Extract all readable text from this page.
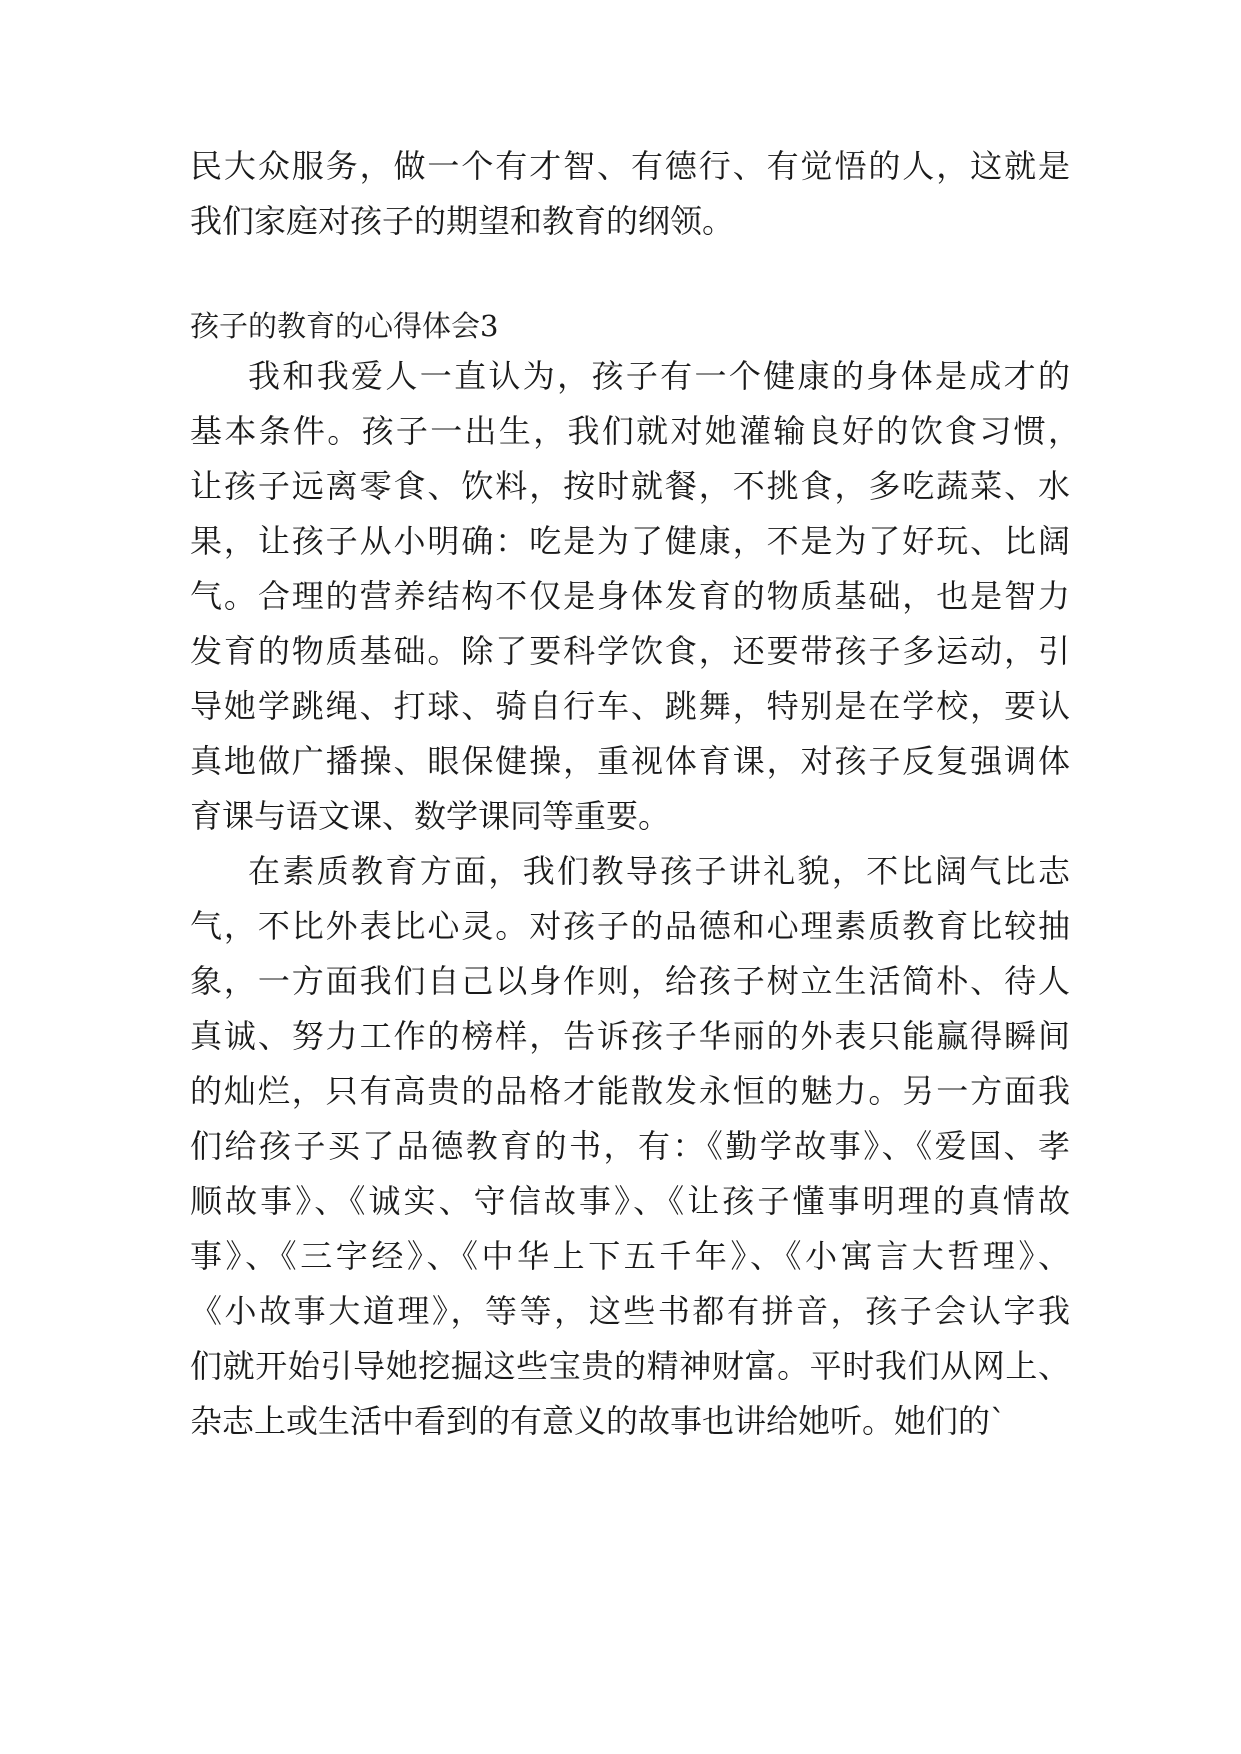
民大众服务，做一个有才智、有德行、有觉悟的人，这就是
我们家庭对孩子的期望和教育的纲领。
孩子的教育的心得体会3
我和我爱人一直认为，孩子有一个健康的身体是成才的
基本条件。孩子一出生，我们就对她灌输良好的饮食习惯，
让孩子远离零食、饮料，按时就餐，不挑食，多吃蔬菜、水
果，让孩子从小明确：吃是为了健康，不是为了好玩、比阔
气。合理的营养结构不仅是身体发育的物质基础，也是智力
发育的物质基础。除了要科学饮食，还要带孩子多运动，引
导她学跳绳、打球、骑自行车、跳舞，特别是在学校，要认
真地做广播操、眼保健操，重视体育课，对孩子反复强调体
育课与语文课、数学课同等重要。
在素质教育方面，我们教导孩子讲礼貌，不比阔气比志
气，不比外表比心灵。对孩子的品德和心理素质教育比较抽
象，一方面我们自己以身作则，给孩子树立生活简朴、待人
真诚、努力工作的榜样，告诉孩子华丽的外表只能赢得瞬间
的灿烂，只有高贵的品格才能散发永恒的魅力。另一方面我
们给孩子买了品德教育的书，有：《勤学故事》、《爱国、孝
顺故事》、《诚实、守信故事》、《让孩子懂事明理的真情故
事》、《三字经》、《中华上下五千年》、《小寓言大哲理》、
《小故事大道理》，等等，这些书都有拼音，孩子会认字我
们就开始引导她挖掘这些宝贵的精神财富。平时我们从网上、
杂志上或生活中看到的有意义的故事也讲给她听。她们的`
